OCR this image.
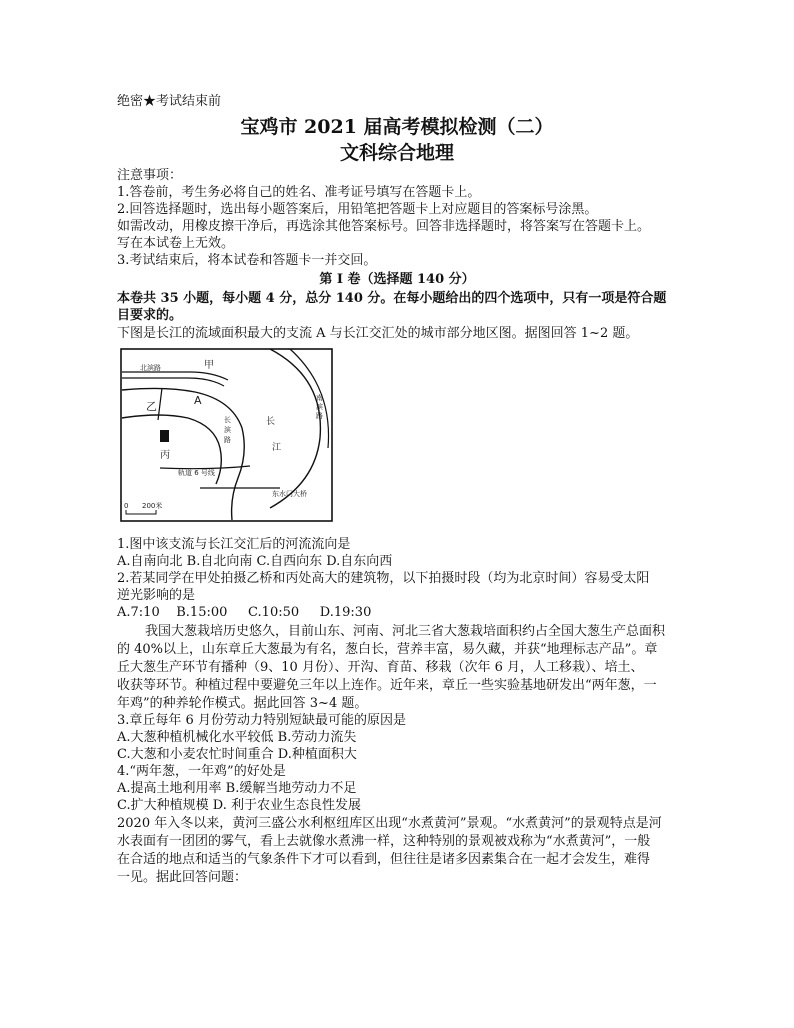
绝密★考试结束前
宝鸡市 2021 届高考模拟检测（二）
文科综合地理
注意事项：
1.答卷前，考生务必将自己的姓名、准考证号填写在答题卡上。
2.回答选择题时，选出每小题答案后，用铅笔把答题卡上对应题目的答案标号涂黑。
如需改动，用橡皮擦干净后，再选涂其他答案标号。回答非选择题时，将答案写在答题卡上。
写在本试卷上无效。
3.考试结束后，将本试卷和答题卡一并交回。
第 I 卷（选择题 140 分）
本卷共 35 小题，每小题 4 分，总分 140 分。在每小题给出的四个选项中，只有一项是符合题
目要求的。
下图是长江的流域面积最大的支流 A 与长江交汇处的城市部分地区图。据图回答 1~2 题。
北滨路	甲
乙	A
长
滨
路
长
江
丙
南
滨
路
轨道 6 号线
东水门大桥
0 200米
1.图中该支流与长江交汇后的河流流向是
A.自南向北 B.自北向南 C.自西向东 D.自东向西
2.若某同学在甲处拍摄乙桥和丙处高大的建筑物，以下拍摄时段（均为北京时间）容易受太阳
逆光影响的是
A.7:10    B.15:00     C.10:50     D.19:30
我国大葱栽培历史悠久，目前山东、河南、河北三省大葱栽培面积约占全国大葱生产总面积
的 40%以上，山东章丘大葱最为有名，葱白长，营养丰富，易久藏，并获“地理标志产品”。章
丘大葱生产环节有播种（9、10 月份）、开沟、育苗、移栽（次年 6 月，人工移栽）、培土、
收获等环节。种植过程中要避免三年以上连作。近年来，章丘一些实验基地研发出“两年葱，一
年鸡”的种养轮作模式。据此回答 3~4 题。
3.章丘每年 6 月份劳动力特别短缺最可能的原因是
A.大葱种植机械化水平较低 B.劳动力流失
C.大葱和小麦农忙时间重合 D.种植面积大
4.“两年葱，一年鸡”的好处是
A.提高土地利用率 B.缓解当地劳动力不足
C.扩大种植规模 D. 利于农业生态良性发展
2020 年入冬以来，黄河三盛公水利枢纽库区出现“水煮黄河”景观。“水煮黄河”的景观特点是河
水表面有一团团的雾气，看上去就像水煮沸一样，这种特别的景观被戏称为“水煮黄河”，一般
在合适的地点和适当的气象条件下才可以看到，但往往是诸多因素集合在一起才会发生，难得
一见。据此回答问题：
